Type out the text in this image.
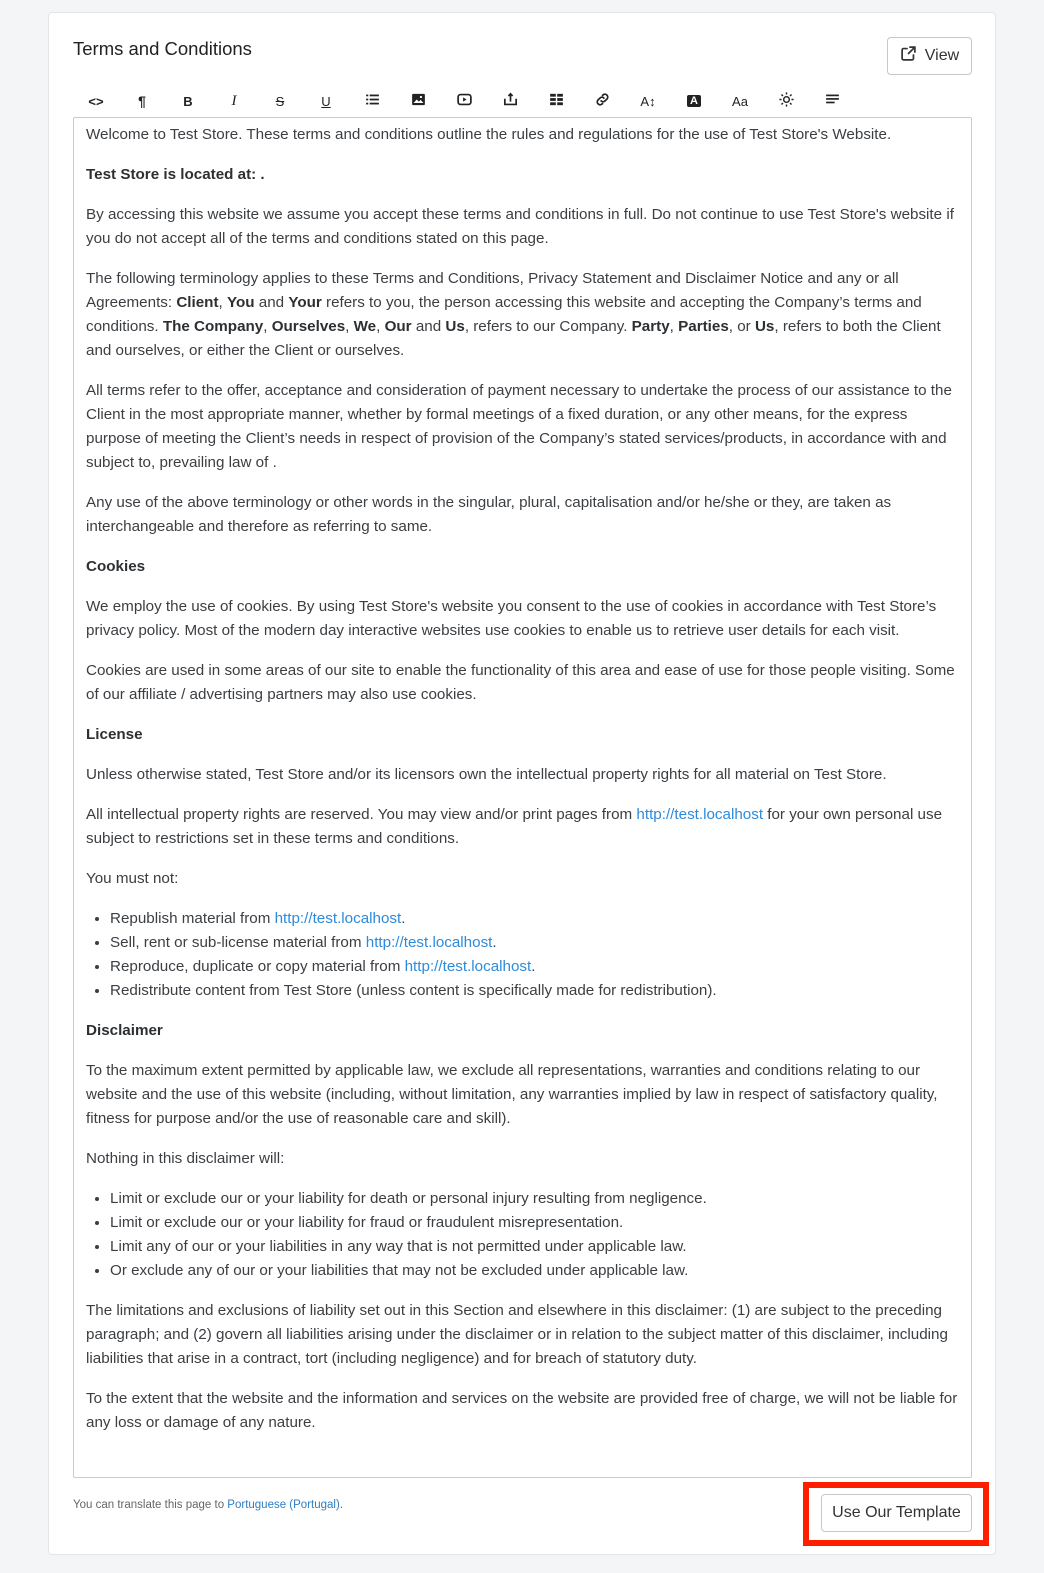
Terms and Conditions	View
<> ¶	B	I	S	U	A↕	A	Aa

Welcome to Test Store. These terms and conditions outline the rules and regulations for the use of Test Store's Website.

Test Store is located at: .

By accessing this website we assume you accept these terms and conditions in full. Do not continue to use Test Store's website if you do not accept all of the terms and conditions stated on this page.

The following terminology applies to these Terms and Conditions, Privacy Statement and Disclaimer Notice and any or all Agreements: Client, You and Your refers to you, the person accessing this website and accepting the Company’s terms and conditions. The Company, Ourselves, We, Our and Us, refers to our Company. Party, Parties, or Us, refers to both the Client and ourselves, or either the Client or ourselves.

All terms refer to the offer, acceptance and consideration of payment necessary to undertake the process of our assistance to the Client in the most appropriate manner, whether by formal meetings of a fixed duration, or any other means, for the express purpose of meeting the Client’s needs in respect of provision of the Company’s stated services/products, in accordance with and subject to, prevailing law of .

Any use of the above terminology or other words in the singular, plural, capitalisation and/or he/she or they, are taken as interchangeable and therefore as referring to same.

Cookies

We employ the use of cookies. By using Test Store's website you consent to the use of cookies in accordance with Test Store’s privacy policy. Most of the modern day interactive websites use cookies to enable us to retrieve user details for each visit.

Cookies are used in some areas of our site to enable the functionality of this area and ease of use for those people visiting. Some of our affiliate / advertising partners may also use cookies.

License

Unless otherwise stated, Test Store and/or its licensors own the intellectual property rights for all material on Test Store.

All intellectual property rights are reserved. You may view and/or print pages from http://test.localhost for your own personal use subject to restrictions set in these terms and conditions.

You must not:

• Republish material from http://test.localhost.
• Sell, rent or sub-license material from http://test.localhost.
• Reproduce, duplicate or copy material from http://test.localhost.
• Redistribute content from Test Store (unless content is specifically made for redistribution).

Disclaimer

To the maximum extent permitted by applicable law, we exclude all representations, warranties and conditions relating to our website and the use of this website (including, without limitation, any warranties implied by law in respect of satisfactory quality, fitness for purpose and/or the use of reasonable care and skill).

Nothing in this disclaimer will:

• Limit or exclude our or your liability for death or personal injury resulting from negligence.
• Limit or exclude our or your liability for fraud or fraudulent misrepresentation.
• Limit any of our or your liabilities in any way that is not permitted under applicable law.
• Or exclude any of our or your liabilities that may not be excluded under applicable law.

The limitations and exclusions of liability set out in this Section and elsewhere in this disclaimer: (1) are subject to the preceding paragraph; and (2) govern all liabilities arising under the disclaimer or in relation to the subject matter of this disclaimer, including liabilities that arise in a contract, tort (including negligence) and for breach of statutory duty.

To the extent that the website and the information and services on the website are provided free of charge, we will not be liable for any loss or damage of any nature.

You can translate this page to Portuguese (Portugal).	Use Our Template
